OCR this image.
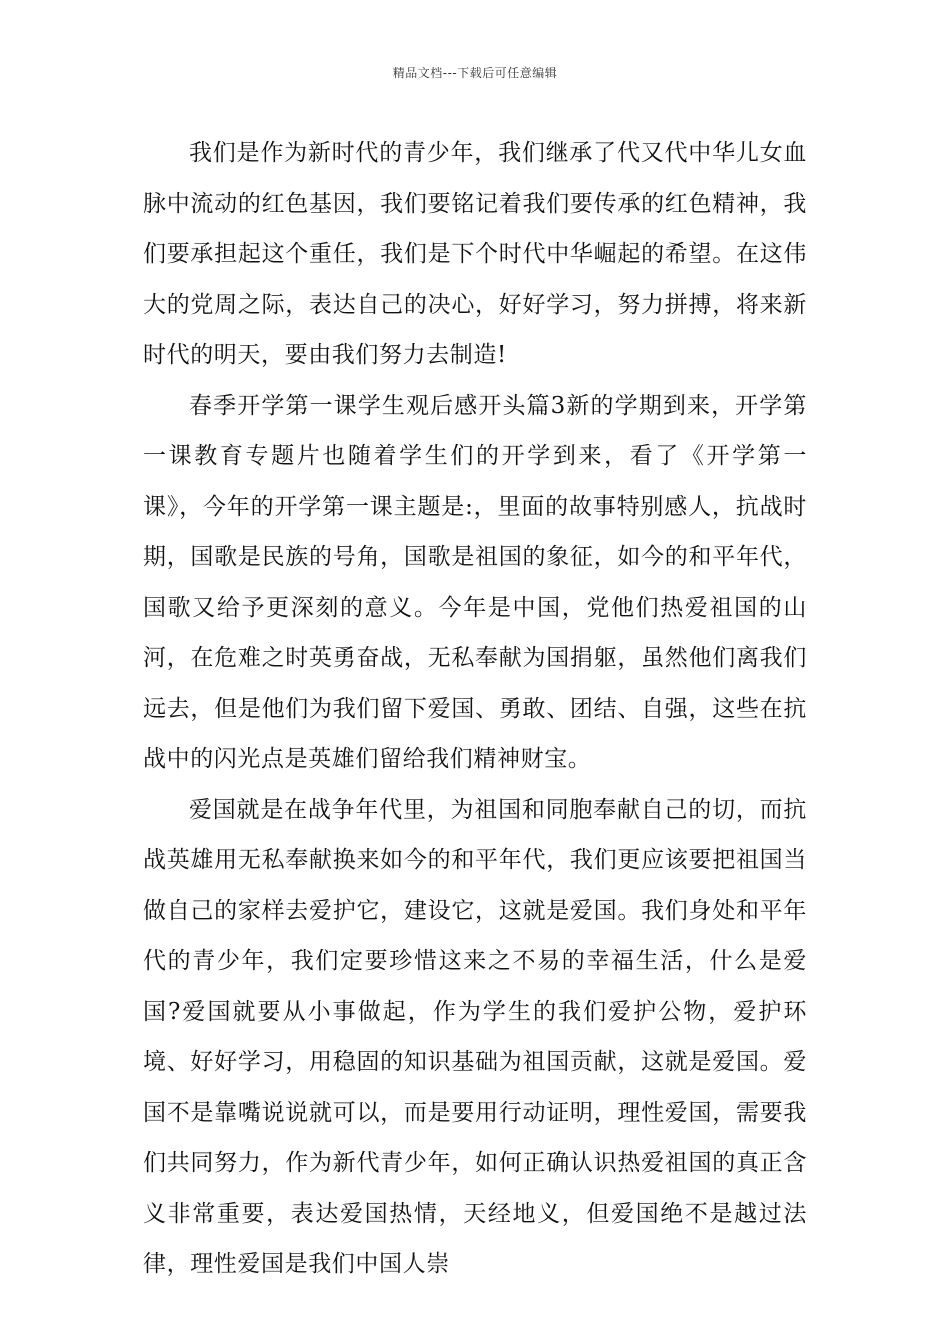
精品文档---下载后可任意编辑

我们是作为新时代的青少年，我们继承了代又代中华儿女血脉中流动的红色基因，我们要铭记着我们要传承的红色精神，我们要承担起这个重任，我们是下个时代中华崛起的希望。在这伟大的党周之际，表达自己的决心，好好学习，努力拼搏，将来新时代的明天，要由我们努力去制造!

春季开学第一课学生观后感开头篇3新的学期到来，开学第一课教育专题片也随着学生们的开学到来，看了《开学第一课》，今年的开学第一课主题是:，里面的故事特别感人，抗战时期，国歌是民族的号角，国歌是祖国的象征，如今的和平年代，国歌又给予更深刻的意义。今年是中国，党他们热爱祖国的山河，在危难之时英勇奋战，无私奉献为国捐躯，虽然他们离我们远去，但是他们为我们留下爱国、勇敢、团结、自强，这些在抗战中的闪光点是英雄们留给我们精神财宝。

爱国就是在战争年代里，为祖国和同胞奉献自己的切，而抗战英雄用无私奉献换来如今的和平年代，我们更应该要把祖国当做自己的家样去爱护它，建设它，这就是爱国。我们身处和平年代的青少年，我们定要珍惜这来之不易的幸福生活，什么是爱国?爱国就要从小事做起，作为学生的我们爱护公物，爱护环境、好好学习，用稳固的知识基础为祖国贡献，这就是爱国。爱国不是靠嘴说说就可以，而是要用行动证明，理性爱国，需要我们共同努力，作为新代青少年，如何正确认识热爱祖国的真正含义非常重要，表达爱国热情，天经地义，但爱国绝不是越过法律，理性爱国是我们中国人崇
